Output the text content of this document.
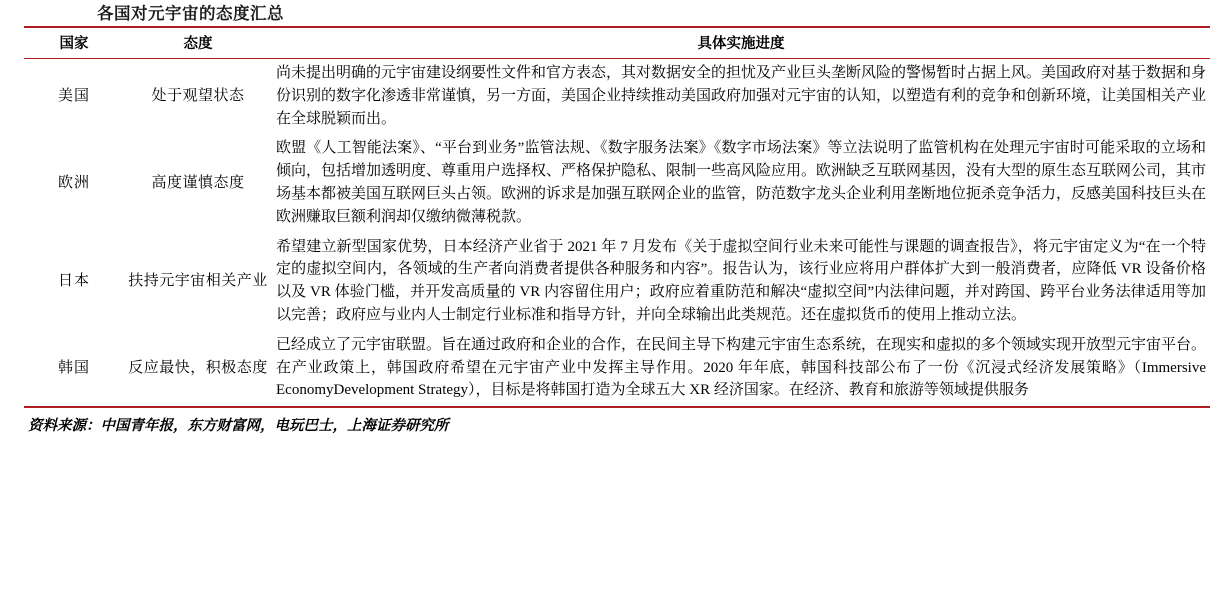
各国对元宇宙的态度汇总
国家	态度	具体实施进度
美国	处于观望状态	尚未提出明确的元宇宙建设纲要性文件和官方表态，其对数据安全的担忧及产业巨头垄断风险的警惕暂时占据上风。美国政府对基于数据和身份识别的数字化渗透非常谨慎，另一方面，美国企业持续推动美国政府加强对元宇宙的认知，以塑造有利的竞争和创新环境，让美国相关产业在全球脱颖而出。
欧洲	高度谨慎态度	欧盟《人工智能法案》、“平台到业务”监管法规、《数字服务法案》《数字市场法案》等立法说明了监管机构在处理元宇宙时可能采取的立场和倾向，包括增加透明度、尊重用户选择权、严格保护隐私、限制一些高风险应用。欧洲缺乏互联网基因，没有大型的原生态互联网公司，其市场基本都被美国互联网巨头占领。欧洲的诉求是加强互联网企业的监管，防范数字龙头企业利用垄断地位扼杀竞争活力，反感美国科技巨头在欧洲赚取巨额利润却仅缴纳微薄税款。
日本	扶持元宇宙相关产业	希望建立新型国家优势，日本经济产业省于 2021 年 7 月发布《关于虚拟空间行业未来可能性与课题的调查报告》，将元宇宙定义为“在一个特定的虚拟空间内，各领域的生产者向消费者提供各种服务和内容”。报告认为，该行业应将用户群体扩大到一般消费者，应降低 VR 设备价格以及 VR 体验门槛，并开发高质量的 VR 内容留住用户；政府应着重防范和解决“虚拟空间”内法律问题，并对跨国、跨平台业务法律适用等加以完善；政府应与业内人士制定行业标准和指导方针，并向全球输出此类规范。还在虚拟货币的使用上推动立法。
韩国	反应最快，积极态度	已经成立了元宇宙联盟。旨在通过政府和企业的合作，在民间主导下构建元宇宙生态系统，在现实和虚拟的多个领域实现开放型元宇宙平台。在产业政策上，韩国政府希望在元宇宙产业中发挥主导作用。2020 年年底，韩国科技部公布了一份《沉浸式经济发展策略》（Immersive EconomyDevelopment Strategy），目标是将韩国打造为全球五大 XR 经济国家。在经济、教育和旅游等领域提供服务
资料来源：中国青年报，东方财富网，电玩巴士，上海证券研究所
